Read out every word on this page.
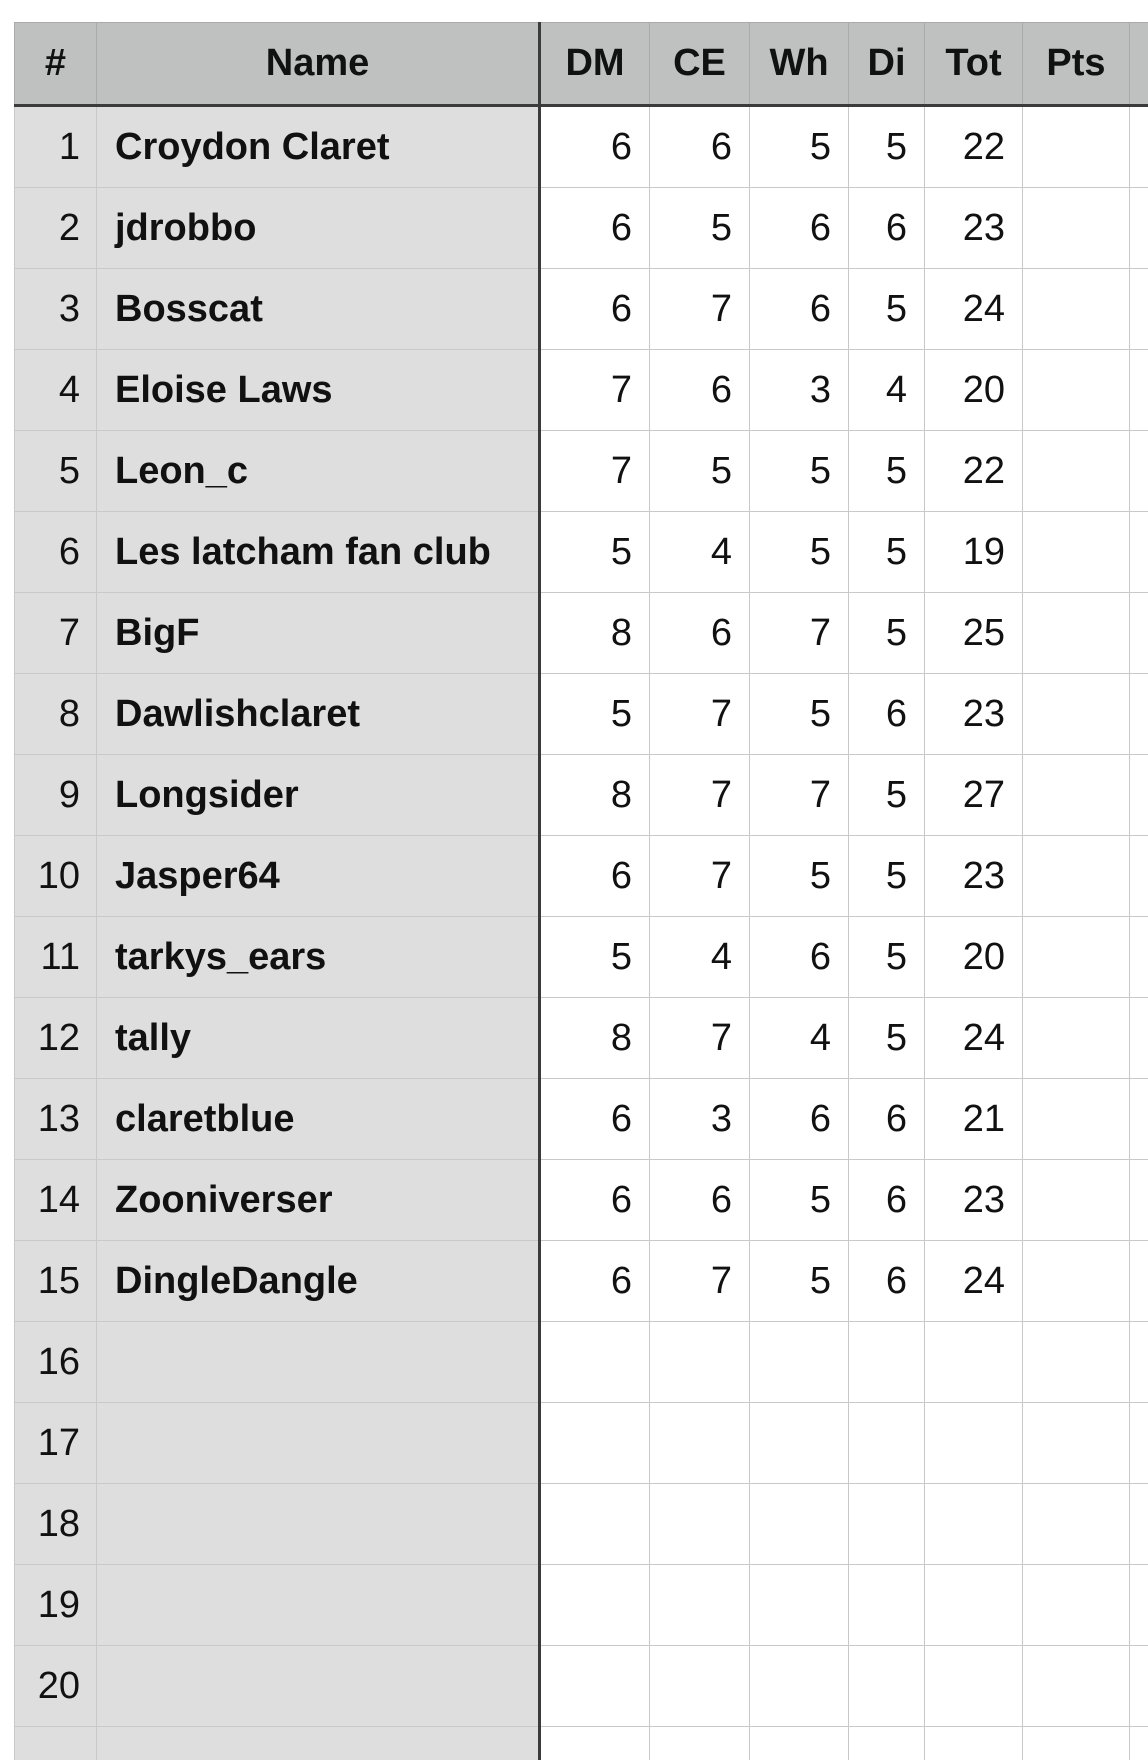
#	Name	DM	CE	Wh	Di	Tot	Pts	
1	Croydon Claret	6	6	5	5	22		
2	jdrobbo	6	5	6	6	23		
3	Bosscat	6	7	6	5	24		
4	Eloise Laws	7	6	3	4	20		
5	Leon_c	7	5	5	5	22		
6	Les latcham fan club	5	4	5	5	19		
7	BigF	8	6	7	5	25		
8	Dawlishclaret	5	7	5	6	23		
9	Longsider	8	7	7	5	27		
10	Jasper64	6	7	5	5	23		
11	tarkys_ears	5	4	6	5	20		
12	tally	8	7	4	5	24		
13	claretblue	6	3	6	6	21		
14	Zooniverser	6	6	5	6	23		
15	DingleDangle	6	7	5	6	24		
16								
17								
18								
19								
20								
